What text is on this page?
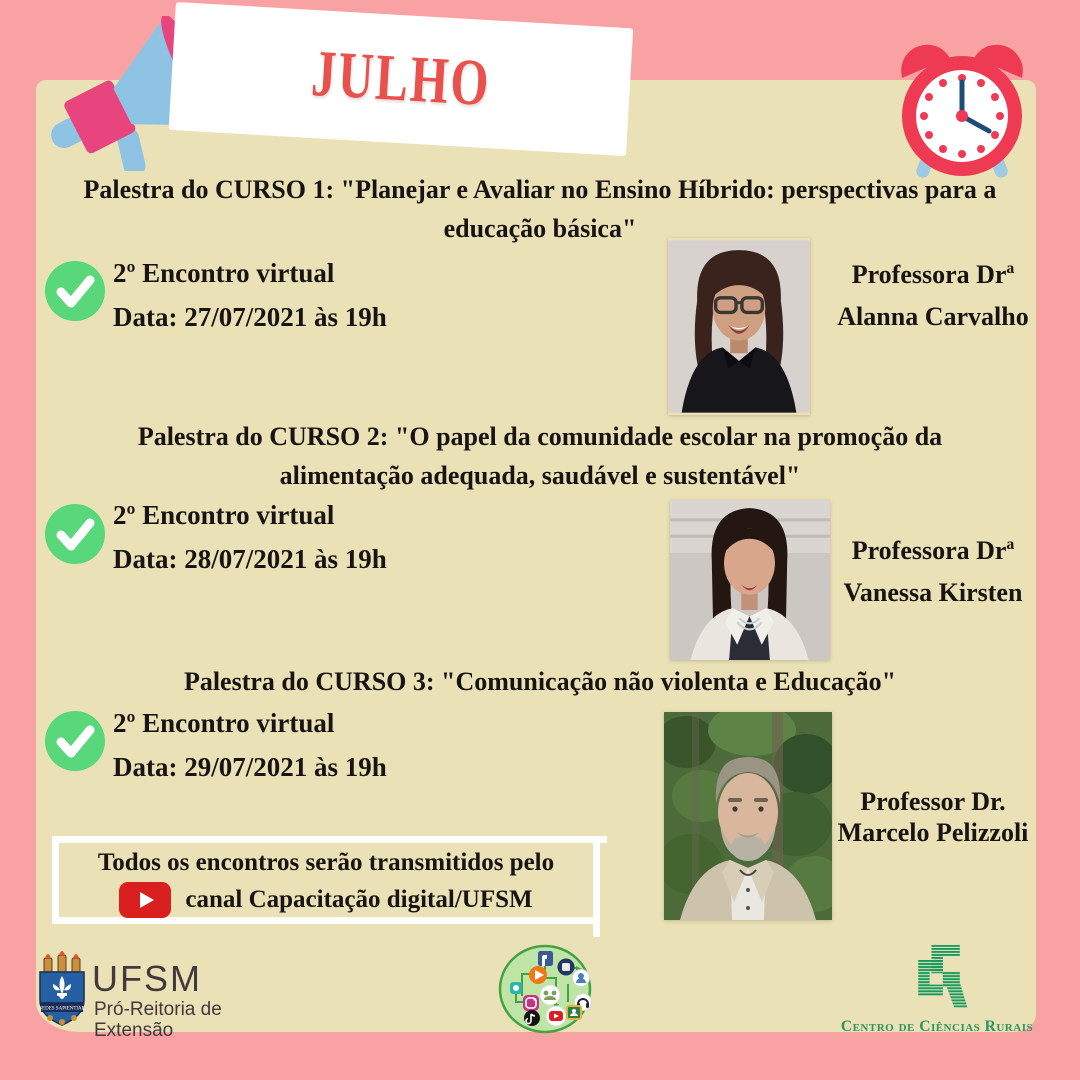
JULHO
Palestra do CURSO 1: "Planejar e Avaliar no Ensino Híbrido: perspectivas para a educação básica"
2º Encontro virtual
Data: 27/07/2021 às 19h
Professora Drª
Alanna Carvalho
Palestra do CURSO 2: "O papel da comunidade escolar na promoção da alimentação adequada, saudável e sustentável"
2º Encontro virtual
Data: 28/07/2021 às 19h	Professora Drª
Vanessa Kirsten
Palestra do CURSO 3: "Comunicação não violenta e Educação"
2º Encontro virtual
Data: 29/07/2021 às 19h
Professor Dr.
Marcelo Pelizzoli
Todos os encontros serão transmitidos pelo
canal Capacitação digital/UFSM
SEDES SAPIENTIAE
UFSM
Pró-Reitoria de
Extensão	Centro de Ciências Rurais
